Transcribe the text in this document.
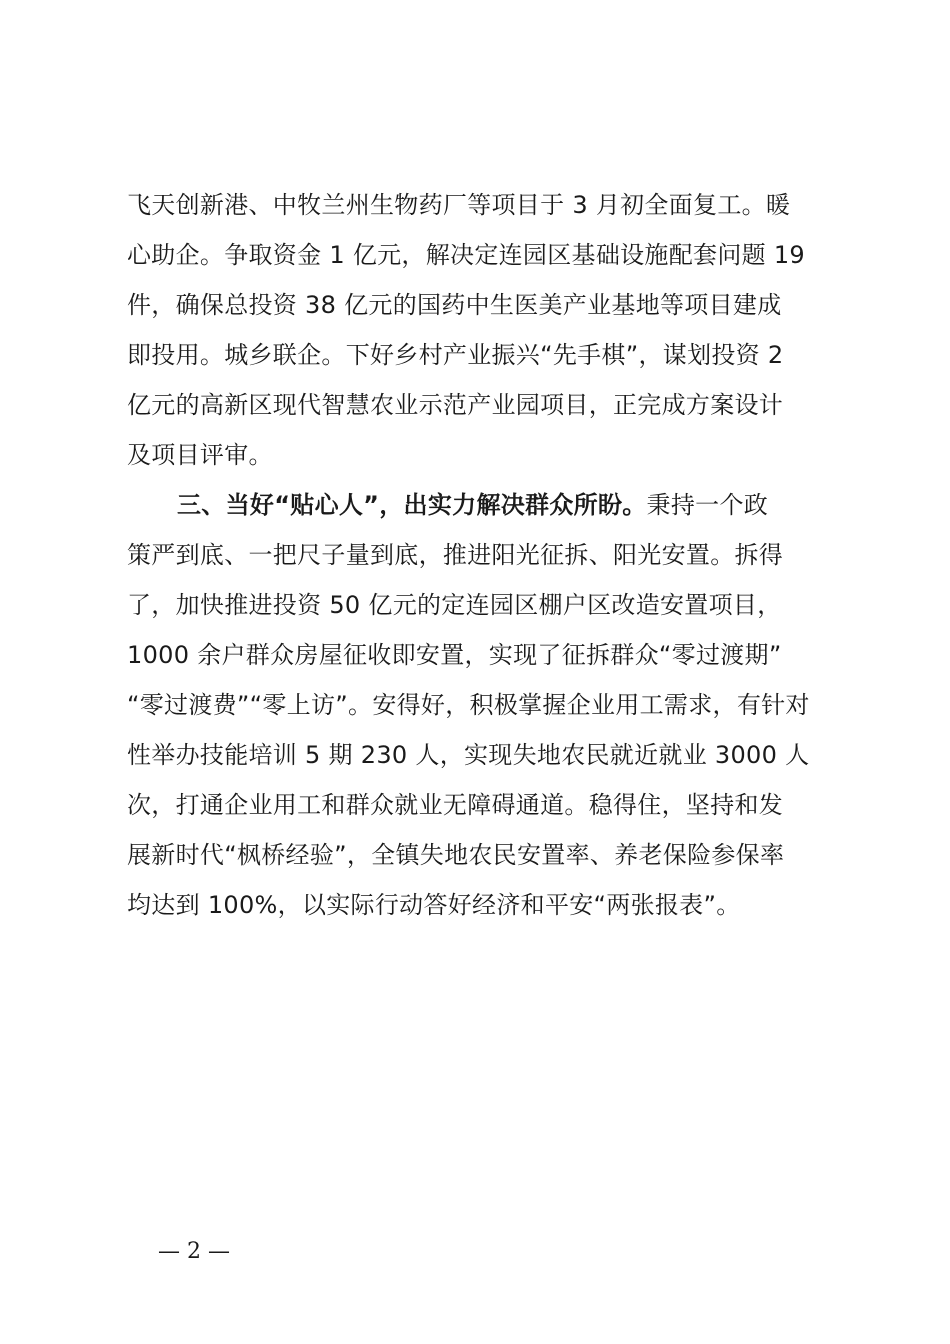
飞天创新港、中牧兰州生物药厂等项目于 3 月初全面复工。暖
心助企。争取资金 1 亿元，解决定连园区基础设施配套问题 19
件，确保总投资 38 亿元的国药中生医美产业基地等项目建成
即投用。城乡联企。下好乡村产业振兴“先手棋”，谋划投资 2
亿元的高新区现代智慧农业示范产业园项目，正完成方案设计
及项目评审。
三、当好“贴心人”，出实力解决群众所盼。秉持一个政
策严到底、一把尺子量到底，推进阳光征拆、阳光安置。拆得
了，加快推进投资 50 亿元的定连园区棚户区改造安置项目，
1000 余户群众房屋征收即安置，实现了征拆群众“零过渡期”
“零过渡费”“零上访”。安得好，积极掌握企业用工需求，有针对
性举办技能培训 5 期 230 人，实现失地农民就近就业 3000 人
次，打通企业用工和群众就业无障碍通道。稳得住，坚持和发
展新时代“枫桥经验”，全镇失地农民安置率、养老保险参保率
均达到 100%，以实际行动答好经济和平安“两张报表”。
— 2 —
